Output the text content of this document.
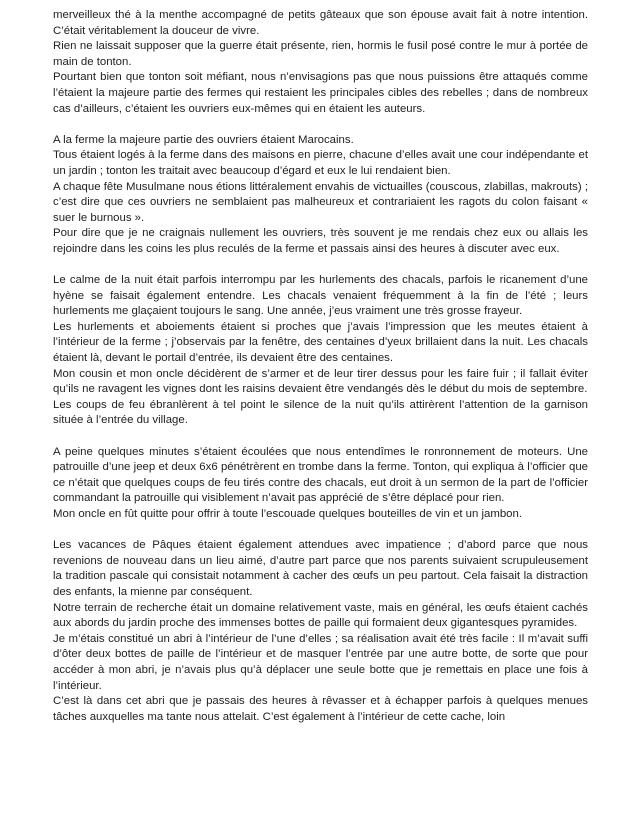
merveilleux thé à la menthe accompagné de petits gâteaux que son épouse avait fait à notre intention. C’était véritablement la douceur de vivre.

Rien ne laissait supposer que la guerre était présente, rien, hormis le fusil posé contre le mur à portée de main de tonton.

Pourtant bien que tonton soit méfiant, nous n’envisagions pas que nous puissions être attaqués comme l’étaient la majeure partie des fermes qui restaient les principales cibles des rebelles ; dans de nombreux cas d’ailleurs, c’étaient les ouvriers eux-mêmes qui en étaient les auteurs.

A la ferme la majeure partie des ouvriers étaient Marocains.

Tous étaient logés à la ferme dans des maisons en pierre, chacune d’elles avait une cour indépendante et un jardin ; tonton les traitait avec beaucoup d’égard et eux le lui rendaient bien.

A chaque fête Musulmane nous étions littéralement envahis de victuailles (couscous, zlabillas, makrouts) ; c’est dire que ces ouvriers ne semblaient pas malheureux et contrariaient les ragots du colon faisant « suer le burnous ».

Pour dire que je ne craignais nullement les ouvriers, très souvent je me rendais chez eux ou allais les rejoindre dans les coins les plus reculés de la ferme et passais ainsi des heures à discuter avec eux.

Le calme de la nuit était parfois interrompu par les hurlements des chacals, parfois le ricanement d’une hyène se faisait également entendre. Les chacals venaient fréquemment à la fin de l’été ; leurs hurlements me glaçaient toujours le sang. Une année, j’eus vraiment une très grosse frayeur.

Les hurlements et aboiements étaient si proches que j’avais l’impression que les meutes étaient à l’intérieur de la ferme ; j’observais par la fenêtre, des centaines d’yeux brillaient dans la nuit. Les chacals étaient là, devant le portail d’entrée, ils devaient être des centaines.

Mon cousin et mon oncle décidèrent de s’armer et de leur tirer dessus pour les faire fuir ; il fallait éviter qu’ils ne ravagent les vignes dont les raisins devaient être vendangés dès le début du mois de septembre.

Les coups de feu ébranlèrent à tel point le silence de la nuit qu’ils attirèrent l’attention de la garnison située à l’entrée du village.

A peine quelques minutes s’étaient écoulées que nous entendîmes le ronronnement de moteurs. Une patrouille d’une jeep et deux 6x6 pénétrèrent en trombe dans la ferme. Tonton, qui expliqua à l’officier que ce n’était que quelques coups de feu tirés contre des chacals, eut droit à un sermon de la part de l’officier commandant la patrouille qui visiblement n’avait pas apprécié de s’être déplacé pour rien.

Mon oncle en fût quitte pour offrir à toute l’escouade quelques bouteilles de vin et un jambon.

Les vacances de Pâques étaient également attendues avec impatience ; d’abord parce que nous revenions de nouveau dans un lieu aimé, d’autre part parce que nos parents suivaient scrupuleusement la tradition pascale qui consistait notamment à cacher des œufs un peu partout. Cela faisait la distraction des enfants, la mienne par conséquent.

Notre terrain de recherche était un domaine relativement vaste, mais en général, les œufs étaient cachés aux abords du jardin proche des immenses bottes de paille qui formaient deux gigantesques pyramides.

Je m’étais constitué un abri à l’intérieur de l’une d’elles ; sa réalisation avait été très facile : Il m’avait suffi d’ôter deux bottes de paille de l’intérieur et de masquer l’entrée par une autre botte, de sorte que pour accéder à mon abri, je n’avais plus qu’à déplacer une seule botte que je remettais en place une fois à l’intérieur.

C’est là dans cet abri que je passais des heures à rêvasser et à échapper parfois à quelques menues tâches auxquelles ma tante nous attelait. C’est également à l’intérieur de cette cache, loin
